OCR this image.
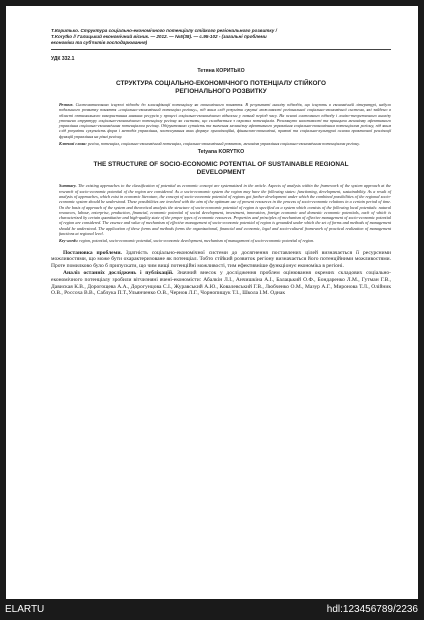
Т.Коритько. Структура соціально-економічного потенціалу стійкого регіонального розвитку /
T.Korytko // Галицький економічний вісник. — 2012. — №5(38). — с.95-102 - (загальні проблеми
економіки та суб'єктів господарювання)
УДК 332.1
Тетяна КОРИТЬКО
СТРУКТУРА СОЦІАЛЬНО-ЕКОНОМІЧНОГО ПОТЕНЦІАЛУ СТІЙКОГО
РЕГІОНАЛЬНОГО РОЗВИТКУ
Резюме. Систематизовано існуючі підходи до класифікації потенціалу як економічного поняття. В результаті аналізу підходів, що існують в економічній літературі, набуло подальшого розвитку поняття «соціально-економічний потенціал регіону», під яким слід розуміти сукупні можливості регіональної соціально-економічної системи, які зайдено в області оптимального використання наявних ресурсів у процесі соціально-економічного відносин у певний період часу. На основі системного підходу і логіко-теоретичного аналізу уточнено структуру соціально-економічного потенціалу регіону як системи, що складається з окремих потенціалів. Розглянуто властивості та принципи механізму ефективного управління соціально-економічним потенціалом регіону. Обґрунтовано сутність та значення механізму ефективного управління соціально-економічним потенціалом регіону, під яким слід розуміти сукупність форм і методів управління, застосування яких формує організаційні, фінансово-економічні, правові та соціально-культурні основи практичної реалізації функцій управління на рівні регіону.
Ключові слова: регіон, потенціал, соціально-економічний потенціал, соціально-економічний розвиток, механізм управління соціально-економічним потенціалом регіону.
Tetyana KORYTKO
THE STRUCTURE OF SOCIO-ECONOMIC POTENTIAL OF SUSTAINABLE REGIONAL
DEVELOPMENT
Summary. The existing approaches to the classification of potential as economic concept are systematized in the article. Aspects of analysis within the framework of the system approach at the research of socio-economic potential of the region are considered. As a socio-economic system the region may have the following states: functioning, development, sustainability. As a result of analysis of approaches, which exist in economic literature, the concept of socio-economic potential of regions got further development under which the combined possibilities of the regional socio-economic system should be understood. These possibilities are involved with the aim of the optimum use of present resources in the process of socio-economic relations in a certain period of time. On the basis of approach of the system and theoretical analysis the structure of socio-economic potential of region is specified as a system which consists of the following local potentials: natural resources, labour, enterprise, production, financial, economic potential of social development, investment, innovation, foreign economic and domestic economic potentials, each of which is characterized by certain quantitative and high-quality state of the proper types of economic resources. Properties and principles of mechanism of effective management of socio-economic potential of region are considered. The essence and value of mechanism of effective management of socio-economic potential of region is grounded under which the set of forms and methods of management should be understood. The application of these forms and methods forms the organizational, financial and economic, legal and socio-cultural framework of practical realization of management functions at regional level.
Key words: region, potential, socio-economic potential, socio-economic development, mechanism of management of socio-economic potential of region.

Постановка проблеми. Здатність соціально-економічної системи до досягнення поставлених цілей визначається її ресурсними можливостями, що може бути охарактеризоване як потенціал. Тобто стійкий розвиток регіону визначається його потенційними можливостями. Проте помилково було б припускати, що чим вищі потенційні можливості, тим ефективніше функціонує економіка в регіоні.

Аналіз останніх досліджень і публікацій. Значний внесок у дослідження проблем оцінювання окремих складових соціально-економічного потенціалу зробили вітчизняні вчені-економісти: Абалкін Л.І., Анчишкіна А.І., Балацький О.Ф., Бондаренко Л.М., Гутман Г.В., Давиская К.В., Дорогощева А.А., Дорогунцова С.І., Журавський А.Ю., Ковалевський Г.В., Любченко О.М., Мазур А.Г., Миронова Т.Л., Олійник О.В., Россоха В.В., Саблука П.Т.,Ульянченко О.В., Чернов Л.Г., Чорнопищук Т.І., Школа І.М. Однак

ELARTU	hdl:123456789/2236
